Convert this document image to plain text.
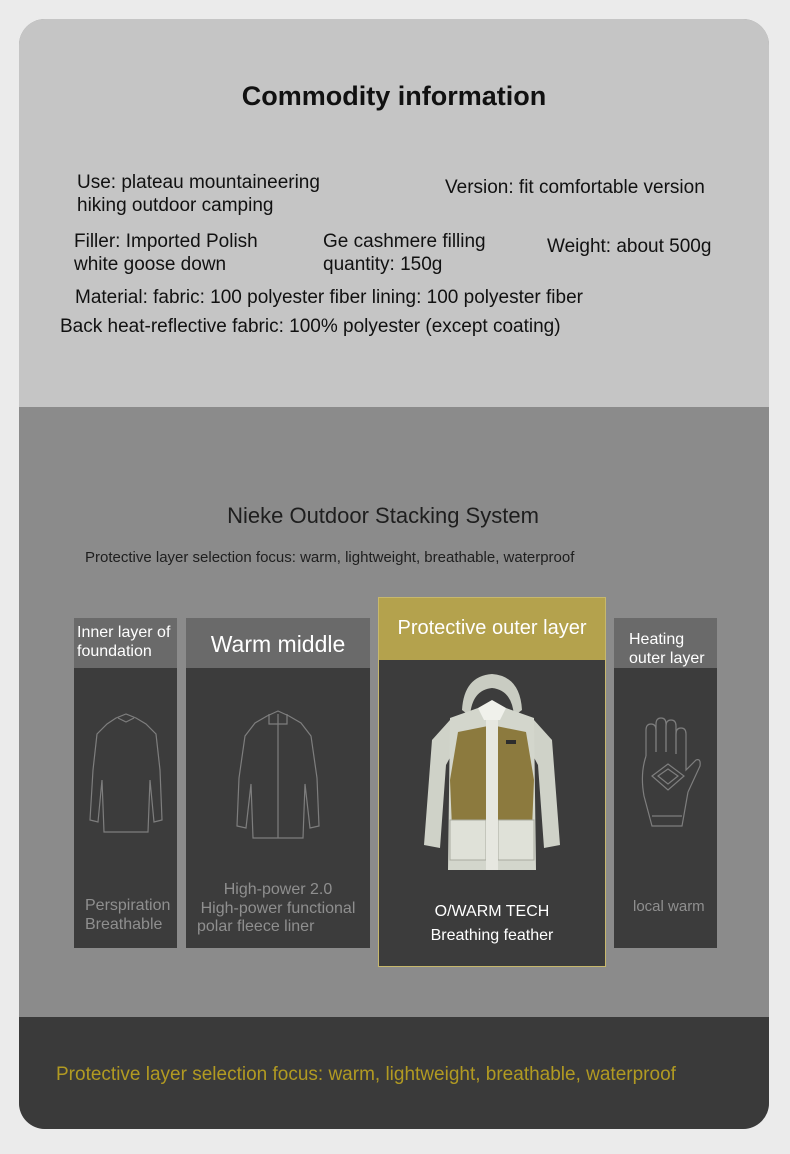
Commodity information
Use: plateau mountaineering
hiking outdoor camping
Version: fit comfortable version
Filler: Imported Polish
white goose down
Ge cashmere filling
quantity: 150g
Weight: about 500g
Material: fabric: 100 polyester fiber lining: 100 polyester fiber
Back heat-reflective fabric: 100% polyester (except coating)
Nieke Outdoor Stacking System
Protective layer selection focus: warm, lightweight, breathable, waterproof
Inner layer of
foundation
Perspiration
Breathable
Warm middle
High-power 2.0
High-power functional
polar fleece liner
Protective outer layer
O/WARM TECH
Breathing feather
Heating
outer layer
local warm
Protective layer selection focus: warm, lightweight, breathable, waterproof
